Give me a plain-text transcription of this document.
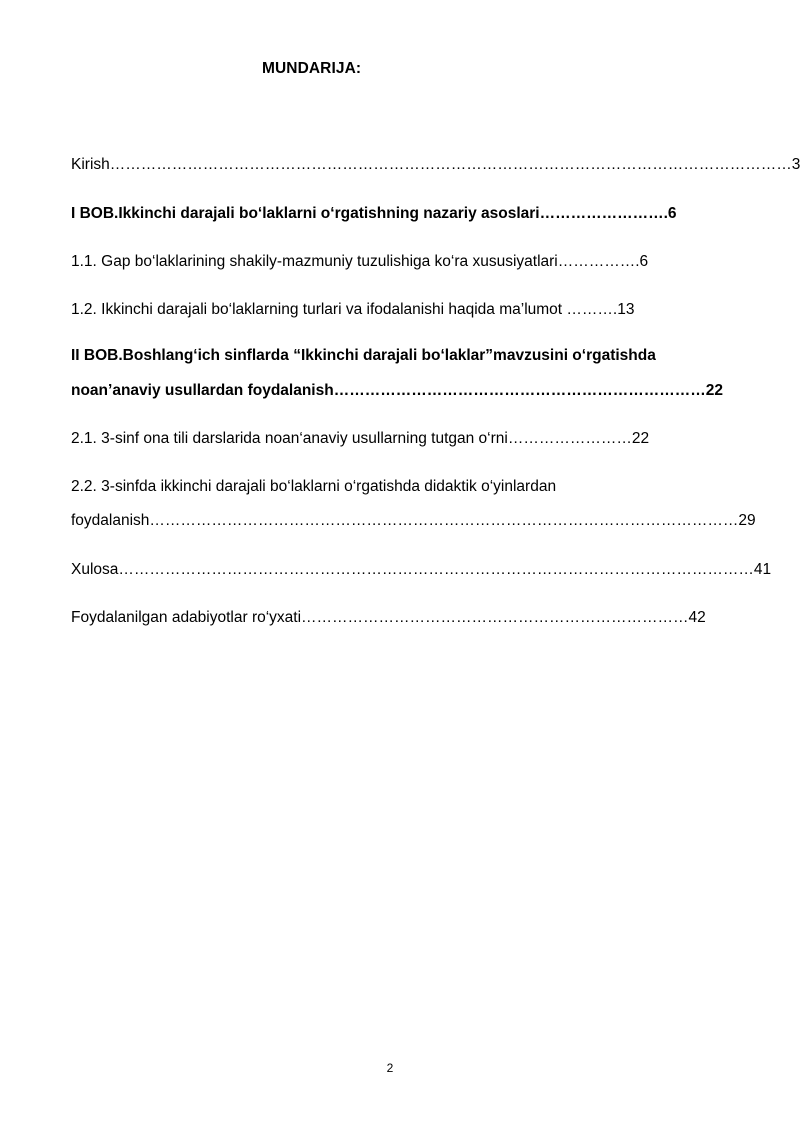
MUNDARIJA:

Kirish……………………………………………………………………………………………………………………3

I BOB.Ikkinchi darajali bo‘laklarni o‘rgatishning nazariy asoslari…………………….6

1.1. Gap bo‘laklarining shakily-mazmuniy tuzulishiga ko‘ra xususiyatlari…………….6

1.2. Ikkinchi darajali bo‘laklarning turlari va ifodalanishi haqida ma’lumot ……….13

II BOB.Boshlang‘ich sinflarda “Ikkinchi darajali bo‘laklar”mavzusini o‘rgatishda

noan’anaviy usullardan foydalanish………………………………………………………………22

2.1. 3-sinf ona tili darslarida noan‘anaviy usullarning tutgan o‘rni……………………22

2.2. 3-sinfda ikkinchi darajali bo‘laklarni o‘rgatishda didaktik o‘yinlardan

foydalanish……………………………………………………………………………………………………29

Xulosa……………………………………………………………………………………………………………41

Foydalanilgan adabiyotlar ro‘yxati…………………………………………………………………42

2
